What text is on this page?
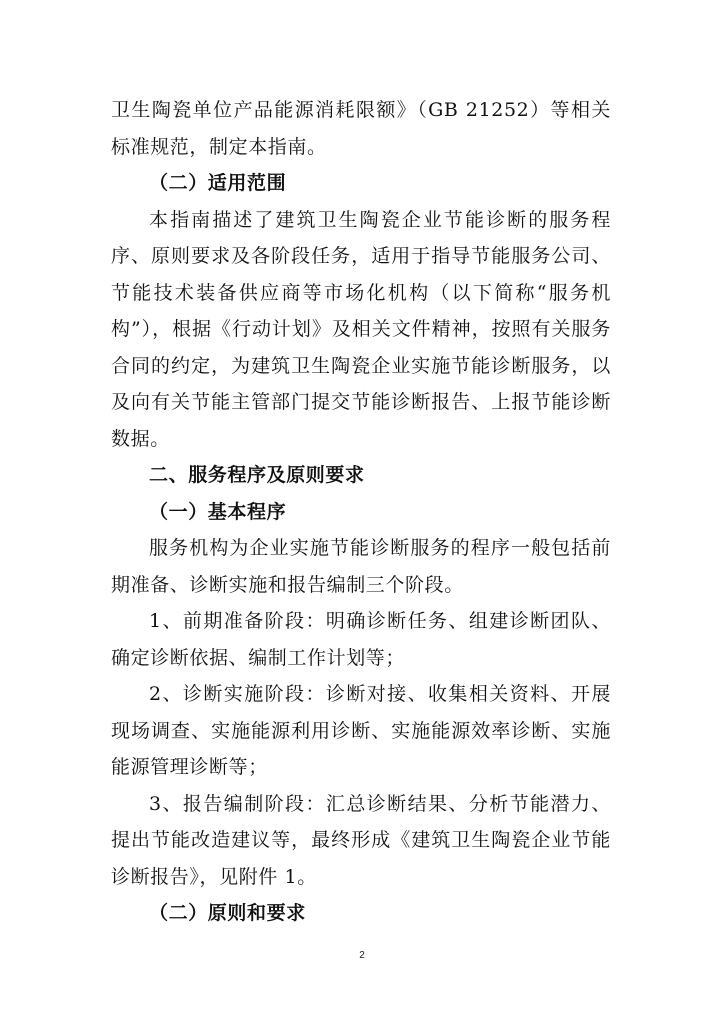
卫生陶瓷单位产品能源消耗限额》（GB 21252）等相关标准规范，制定本指南。

（二）适用范围

本指南描述了建筑卫生陶瓷企业节能诊断的服务程序、原则要求及各阶段任务，适用于指导节能服务公司、节能技术装备供应商等市场化机构（以下简称“服务机构”），根据《行动计划》及相关文件精神，按照有关服务合同的约定，为建筑卫生陶瓷企业实施节能诊断服务，以及向有关节能主管部门提交节能诊断报告、上报节能诊断数据。

二、服务程序及原则要求

（一）基本程序

服务机构为企业实施节能诊断服务的程序一般包括前期准备、诊断实施和报告编制三个阶段。

1、前期准备阶段：明确诊断任务、组建诊断团队、确定诊断依据、编制工作计划等；

2、诊断实施阶段：诊断对接、收集相关资料、开展现场调查、实施能源利用诊断、实施能源效率诊断、实施能源管理诊断等；

3、报告编制阶段：汇总诊断结果、分析节能潜力、提出节能改造建议等，最终形成《建筑卫生陶瓷企业节能诊断报告》，见附件 1。

（二）原则和要求

2
